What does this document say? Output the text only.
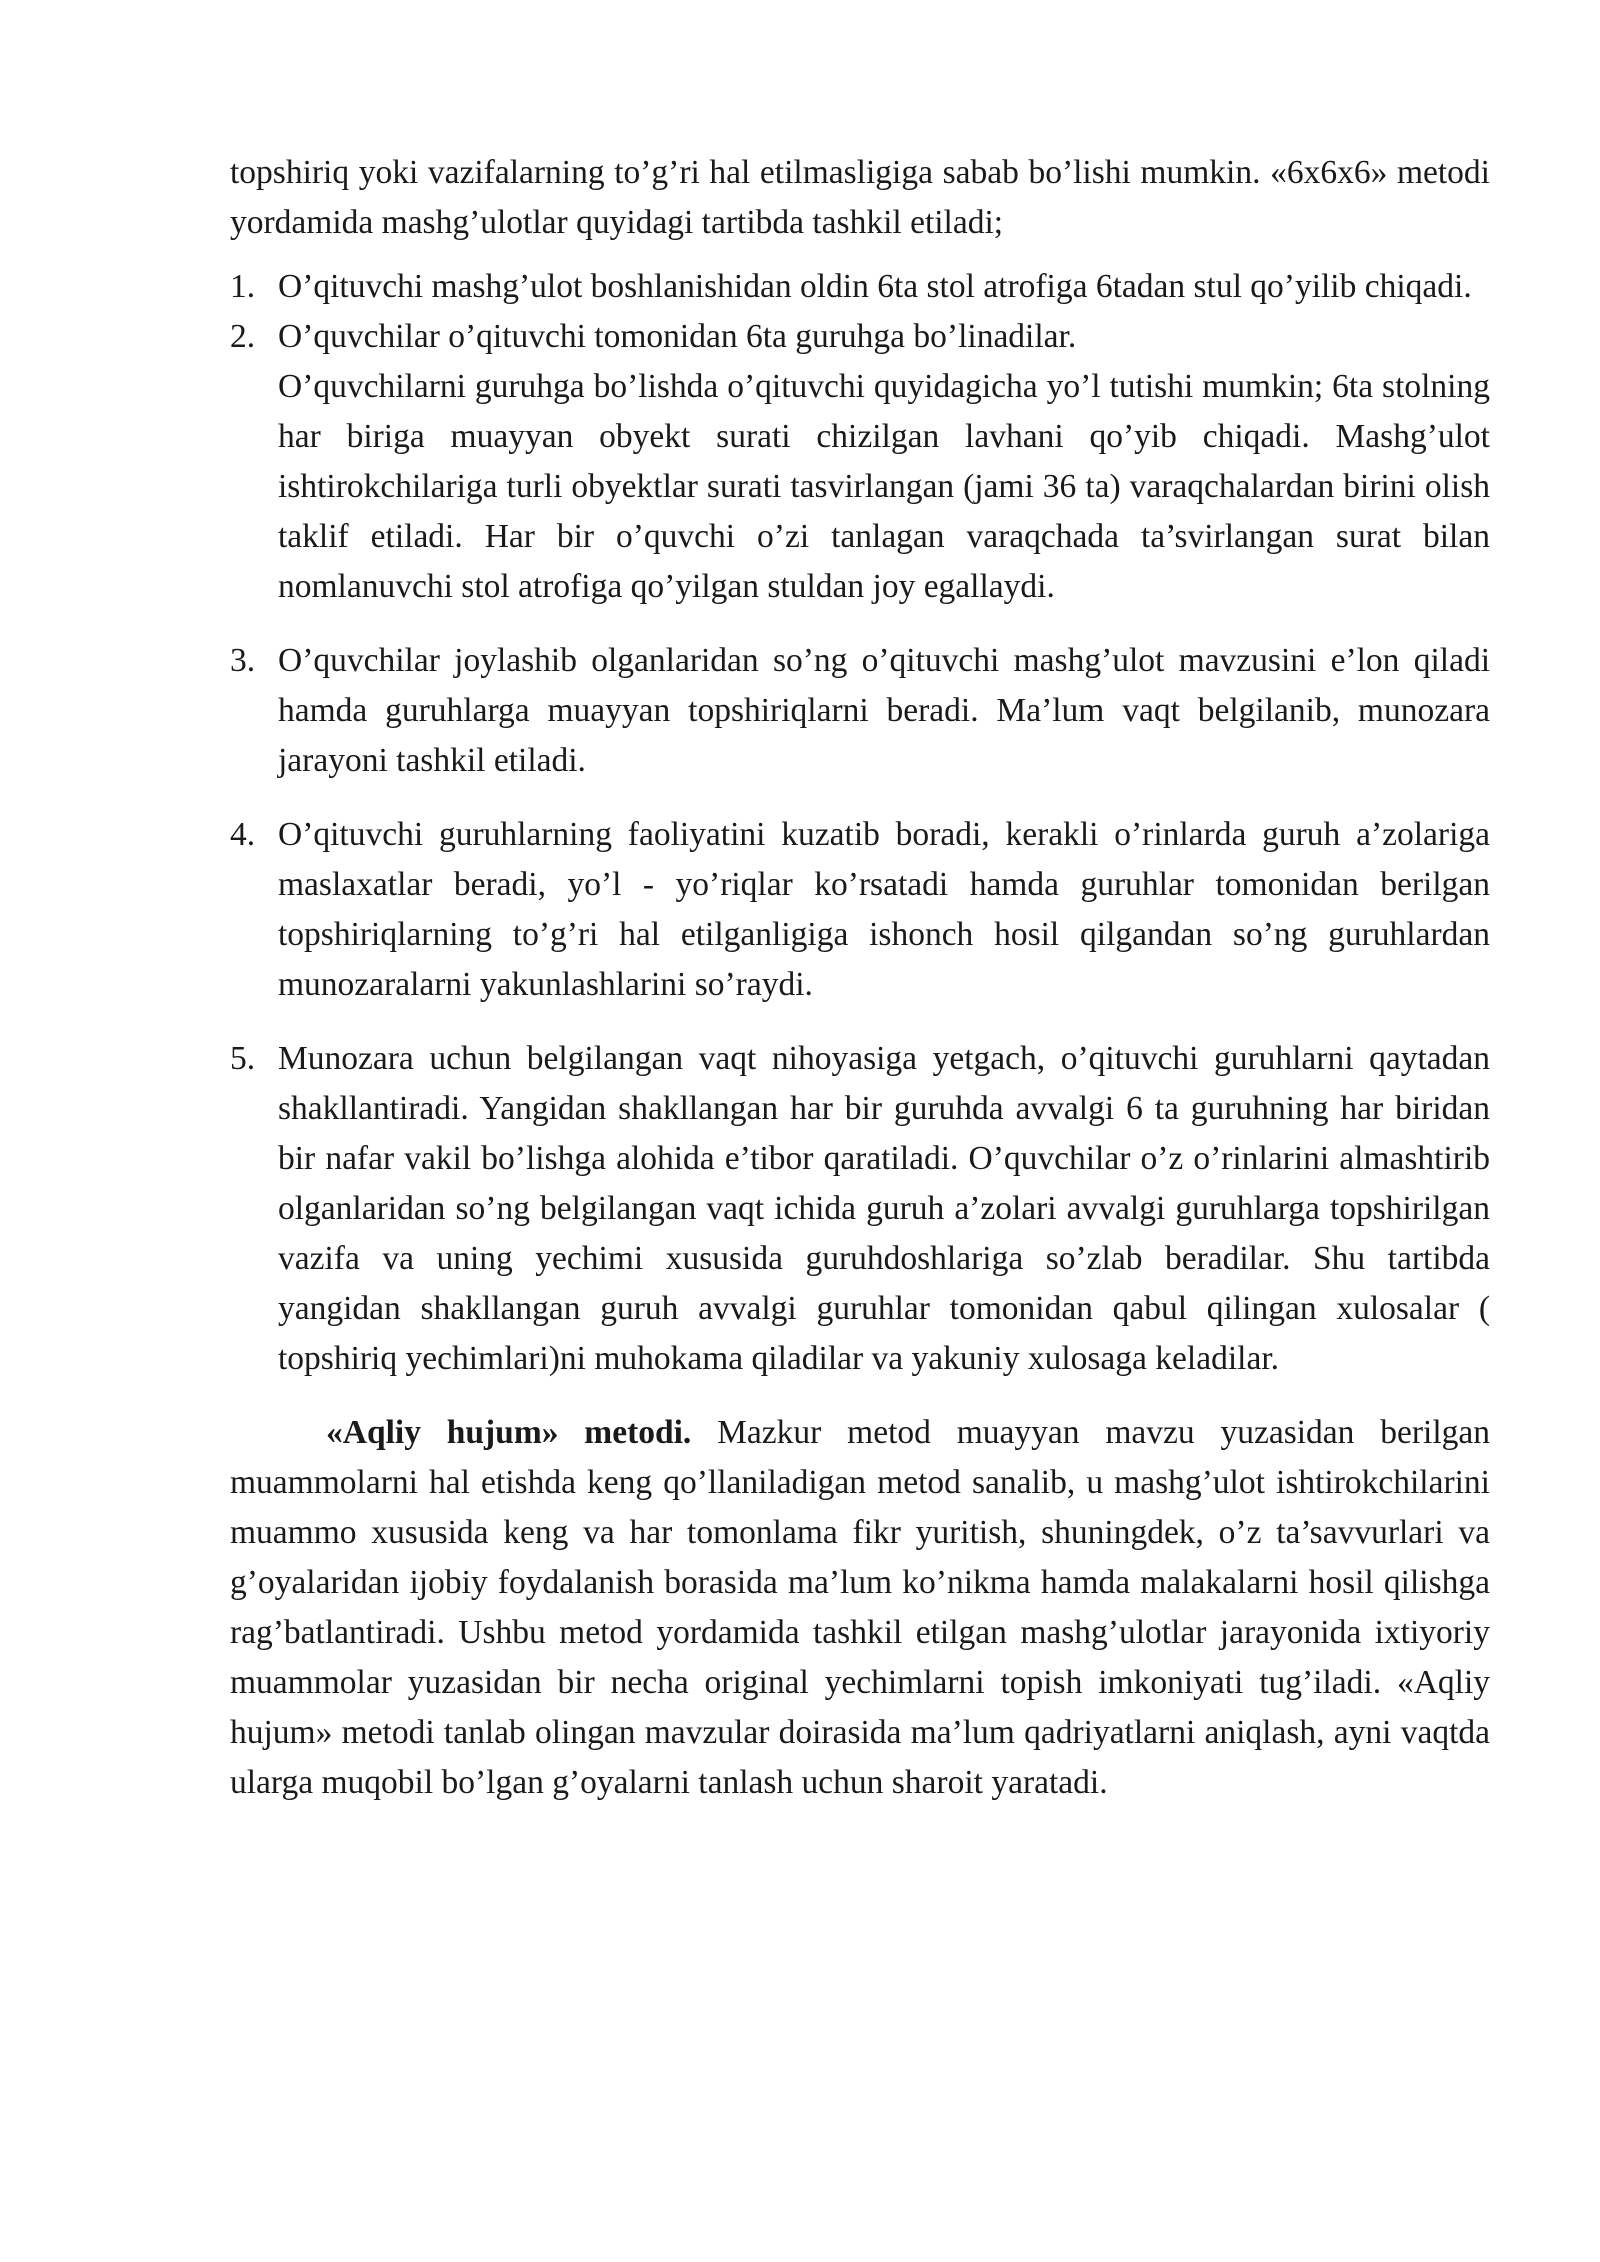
topshiriq yoki vazifalarning to’g’ri hal etilmasligiga sabab bo’lishi mumkin. «6x6x6» metodi yordamida mashg’ulotlar quyidagi tartibda tashkil etiladi;

1. O’qituvchi mashg’ulot boshlanishidan oldin 6ta stol atrofiga 6tadan stul qo’yilib chiqadi.

2. O’quvchilar o’qituvchi tomonidan 6ta guruhga bo’linadilar.

O’quvchilarni guruhga bo’lishda o’qituvchi quyidagicha yo’l tutishi mumkin; 6ta stolning har biriga muayyan obyekt surati chizilgan lavhani qo’yib chiqadi. Mashg’ulot ishtirokchilariga turli obyektlar surati tasvirlangan (jami 36 ta) varaqchalardan birini olish taklif etiladi. Har bir o’quvchi o’zi tanlagan varaqchada ta’svirlangan surat bilan nomlanuvchi stol atrofiga qo’yilgan stuldan joy egallaydi.

3. O’quvchilar joylashib olganlaridan so’ng o’qituvchi mashg’ulot mavzusini e’lon qiladi hamda guruhlarga muayyan topshiriqlarni beradi. Ma’lum vaqt belgilanib, munozara jarayoni tashkil etiladi.

4. O’qituvchi guruhlarning faoliyatini kuzatib boradi, kerakli o’rinlarda guruh a’zolariga maslaxatlar beradi, yo’l - yo’riqlar ko’rsatadi hamda guruhlar tomonidan berilgan topshiriqlarning to’g’ri hal etilganligiga ishonch hosil qilgandan so’ng guruhlardan munozaralarni yakunlashlarini so’raydi.

5. Munozara uchun belgilangan vaqt nihoyasiga yetgach, o’qituvchi guruhlarni qaytadan shakllantiradi. Yangidan shakllangan har bir guruhda avvalgi 6 ta guruhning har biridan bir nafar vakil bo’lishga alohida e’tibor qaratiladi. O’quvchilar o’z o’rinlarini almashtirib olganlaridan so’ng belgilangan vaqt ichida guruh a’zolari avvalgi guruhlarga topshirilgan vazifa va uning yechimi xususida guruhdoshlariga so’zlab beradilar. Shu tartibda yangidan shakllangan guruh avvalgi guruhlar tomonidan qabul qilingan xulosalar ( topshiriq yechimlari)ni muhokama qiladilar va yakuniy xulosaga keladilar.

«Aqliy hujum» metodi. Mazkur metod muayyan mavzu yuzasidan berilgan muammolarni hal etishda keng qo’llaniladigan metod sanalib, u mashg’ulot ishtirokchilarini muammo xususida keng va har tomonlama fikr yuritish, shuningdek, o’z ta’savvurlari va g’oyalaridan ijobiy foydalanish borasida ma’lum ko’nikma hamda malakalarni hosil qilishga rag’batlantiradi. Ushbu metod yordamida tashkil etilgan mashg’ulotlar jarayonida ixtiyoriy muammolar yuzasidan bir necha original yechimlarni topish imkoniyati tug’iladi. «Aqliy hujum» metodi tanlab olingan mavzular doirasida ma’lum qadriyatlarni aniqlash, ayni vaqtda ularga muqobil bo’lgan g’oyalarni tanlash uchun sharoit yaratadi.
